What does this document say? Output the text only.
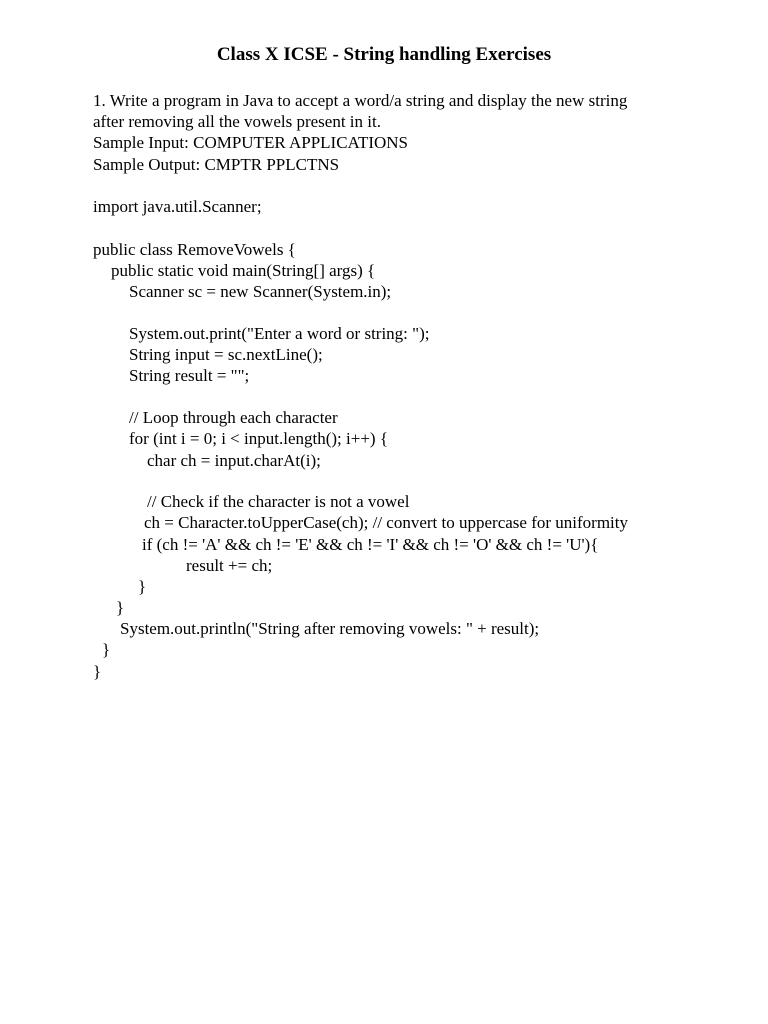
Class X ICSE - String handling Exercises
1. Write a program in Java to accept a word/a string and display the new string
after removing all the vowels present in it.
Sample Input: COMPUTER APPLICATIONS
Sample Output: CMPTR PPLCTNS
import java.util.Scanner;
public class RemoveVowels {
public static void main(String[] args) {
Scanner sc = new Scanner(System.in);
System.out.print("Enter a word or string: ");
String input = sc.nextLine();
String result = "";
// Loop through each character
for (int i = 0; i < input.length(); i++) {
char ch = input.charAt(i);
// Check if the character is not a vowel
ch = Character.toUpperCase(ch); // convert to uppercase for uniformity
if (ch != 'A' && ch != 'E' && ch != 'I' && ch != 'O' && ch != 'U'){
result += ch;
}
}
System.out.println("String after removing vowels: " + result);
}
}
